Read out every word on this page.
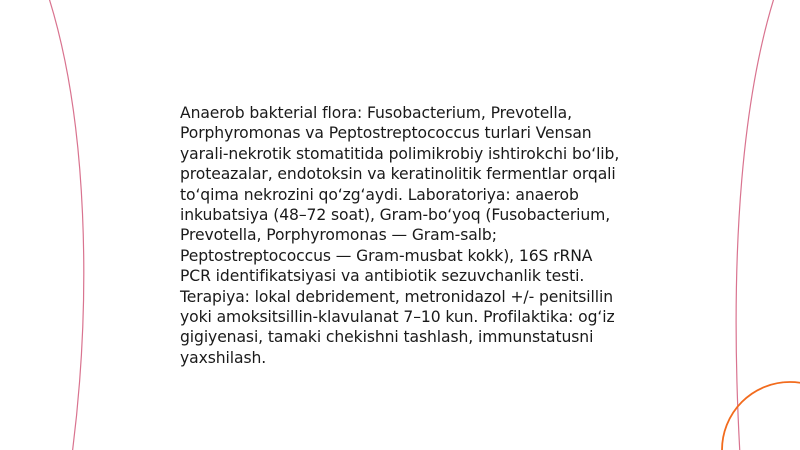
Anaerob bakterial flora: Fusobacterium, Prevotella, Porphyromonas va Peptostreptococcus turlari Vensan yarali-nekrotik stomatitida polimikrobiy ishtirokchi bo‘lib, proteazalar, endotoksin va keratinolitik fermentlar orqali to‘qima nekrozini qo‘zg‘aydi. Laboratoriya: anaerob inkubatsiya (48–72 soat), Gram-bo‘yoq (Fusobacterium, Prevotella, Porphyromonas — Gram-salb; Peptostreptococcus — Gram-musbat kokk), 16S rRNA PCR identifikatsiyasi va antibiotik sezuvchanlik testi. Terapiya: lokal debridement, metronidazol +/- penitsillin yoki amoksitsillin-klavulanat 7–10 kun. Profilaktika: og‘iz gigiyenasi, tamaki chekishni tashlash, immunstatusni yaxshilash.
